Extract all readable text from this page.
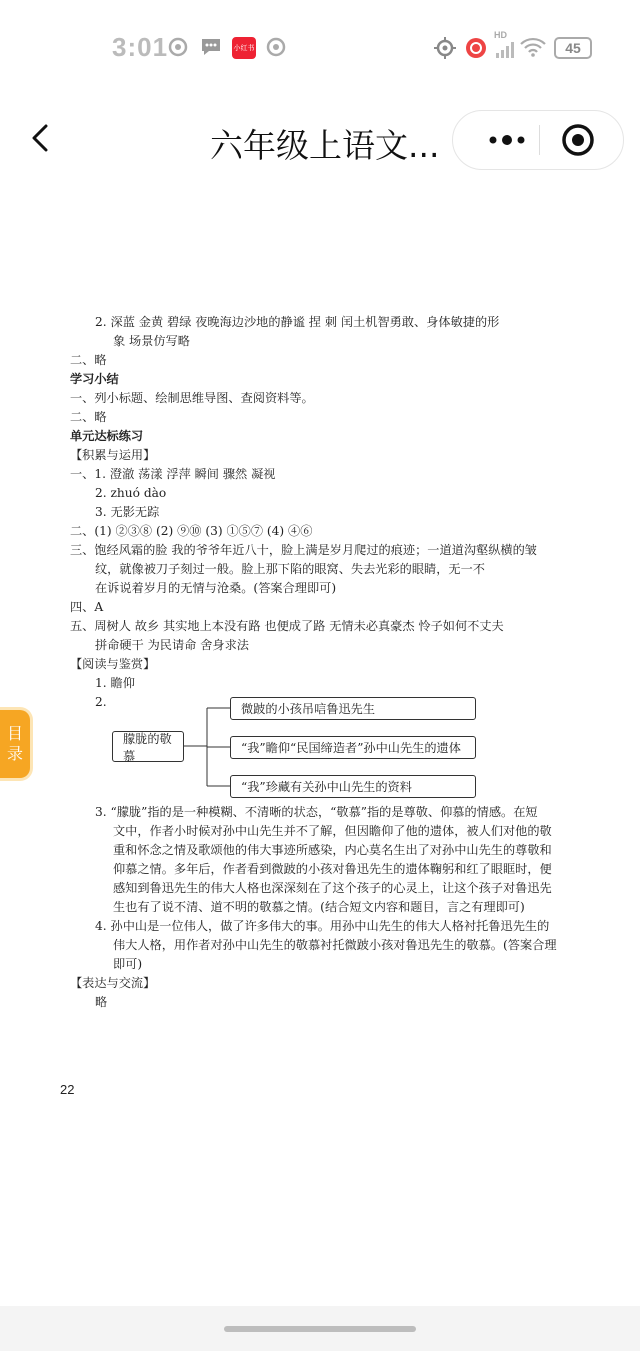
3:01	小红书
HD
45
六年级上语文...
2. 深蓝 金黄 碧绿 夜晚海边沙地的静谧 捏 刺 闰土机智勇敢、身体敏捷的形
象 场景仿写略
二、略
学习小结
一、列小标题、绘制思维导图、查阅资料等。
二、略
单元达标练习
【积累与运用】
一、1. 澄澈 荡漾 浮萍 瞬间 骤然 凝视
2. zhuó dào
3. 无影无踪
二、(1) ②③⑧ (2) ⑨⑩ (3) ①⑤⑦ (4) ④⑥
三、饱经风霜的脸 我的爷爷年近八十，脸上满是岁月爬过的痕迹；一道道沟壑纵横的皱
纹，就像被刀子刻过一般。脸上那下陷的眼窝、失去光彩的眼睛，无一不
在诉说着岁月的无情与沧桑。(答案合理即可)
四、A
五、周树人 故乡 其实地上本没有路 也便成了路 无情未必真豪杰 怜子如何不丈夫
拼命硬干 为民请命 舍身求法
【阅读与鉴赏】
1. 瞻仰
2.
朦胧的敬慕
微跛的小孩吊唁鲁迅先生
“我”瞻仰“民国缔造者”孙中山先生的遗体
“我”珍藏有关孙中山先生的资料
3. “朦胧”指的是一种模糊、不清晰的状态，“敬慕”指的是尊敬、仰慕的情感。在短
文中，作者小时候对孙中山先生并不了解，但因瞻仰了他的遗体，被人们对他的敬
重和怀念之情及歌颂他的伟大事迹所感染，内心莫名生出了对孙中山先生的尊敬和
仰慕之情。多年后，作者看到微跛的小孩对鲁迅先生的遗体鞠躬和红了眼眶时，便
感知到鲁迅先生的伟大人格也深深刻在了这个孩子的心灵上，让这个孩子对鲁迅先
生也有了说不清、道不明的敬慕之情。(结合短文内容和题目，言之有理即可)
4. 孙中山是一位伟人，做了许多伟大的事。用孙中山先生的伟大人格衬托鲁迅先生的
伟大人格，用作者对孙中山先生的敬慕衬托微跛小孩对鲁迅先生的敬慕。(答案合理
即可)
【表达与交流】
略
22
目
录
